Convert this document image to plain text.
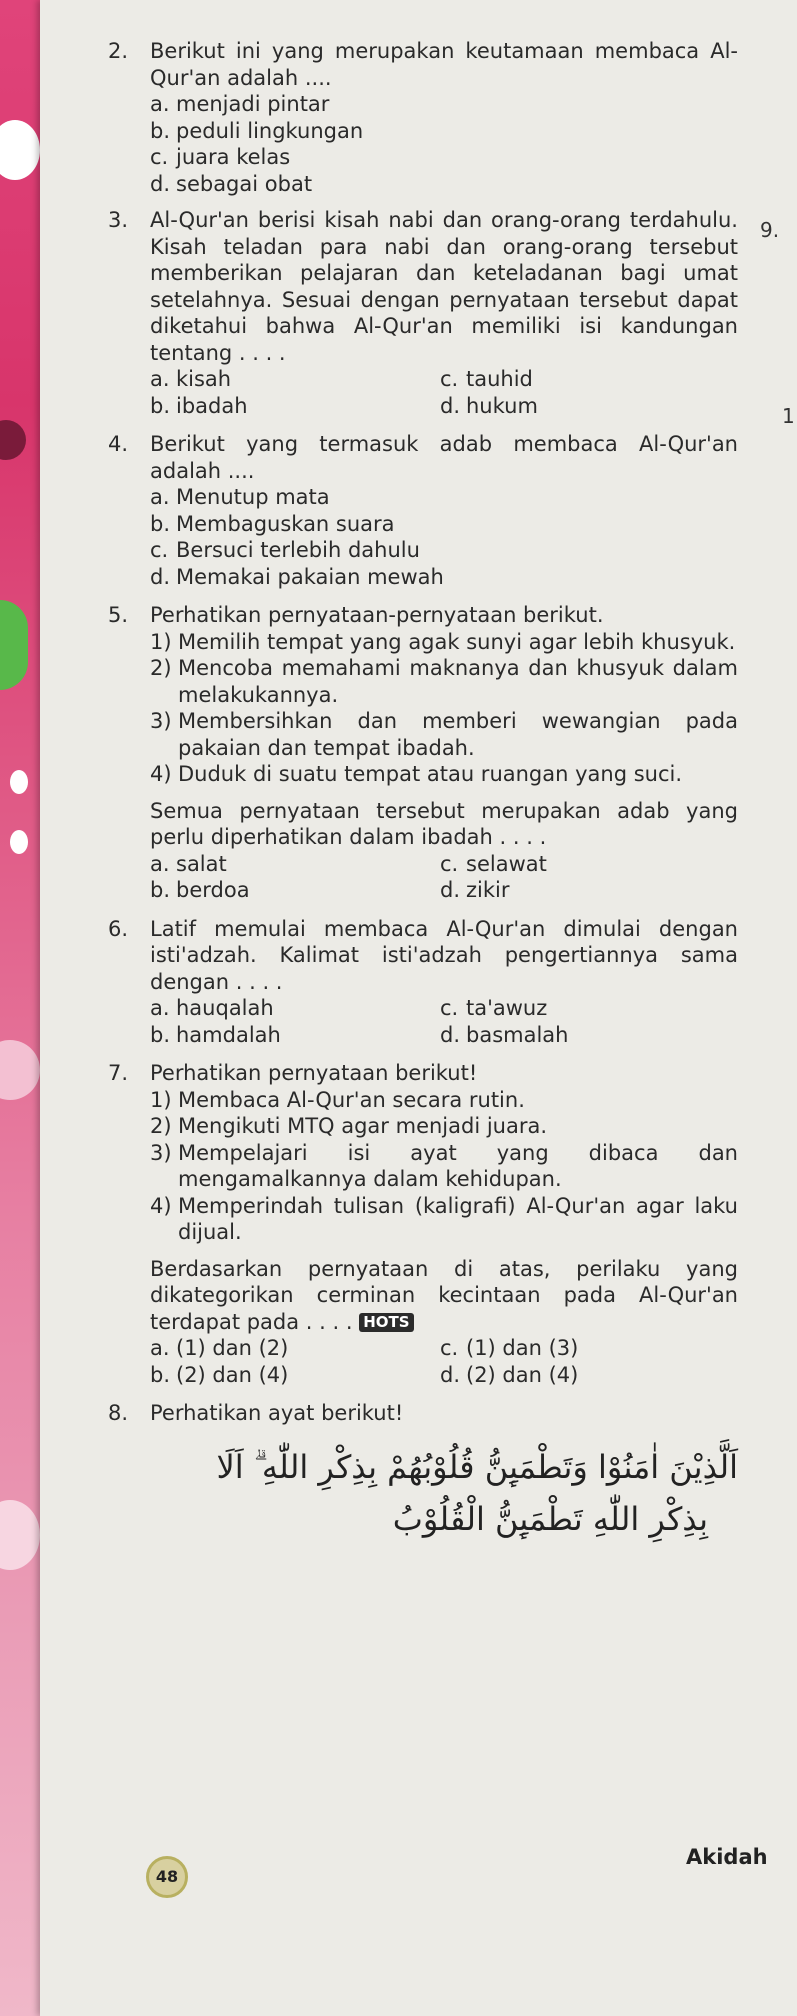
9.
1
2. Berikut ini yang merupakan keutamaan membaca Al-Qur'an adalah ....
a. menjadi pintar
b. peduli lingkungan
c. juara kelas
d. sebagai obat
3. Al-Qur'an berisi kisah nabi dan orang-orang terdahulu. Kisah teladan para nabi dan orang-orang tersebut memberikan pelajaran dan keteladanan bagi umat setelahnya. Sesuai dengan pernyataan tersebut dapat diketahui bahwa Al-Qur'an memiliki isi kandungan tentang . . . .
a. kisah	c. tauhid
b. ibadah	d. hukum
4. Berikut yang termasuk adab membaca Al-Qur'an adalah ....
a. Menutup mata
b. Membaguskan suara
c. Bersuci terlebih dahulu
d. Memakai pakaian mewah
5. Perhatikan pernyataan-pernyataan berikut.
1) Memilih tempat yang agak sunyi agar lebih khusyuk.
2) Mencoba memahami maknanya dan khusyuk dalam melakukannya.
3) Membersihkan dan memberi wewangian pada pakaian dan tempat ibadah.
4) Duduk di suatu tempat atau ruangan yang suci.
Semua pernyataan tersebut merupakan adab yang perlu diperhatikan dalam ibadah . . . .
a. salat	c. selawat
b. berdoa	d. zikir
6. Latif memulai membaca Al-Qur'an dimulai dengan isti'adzah. Kalimat isti'adzah pengertiannya sama dengan . . . .
a. hauqalah	c. ta'awuz
b. hamdalah	d. basmalah
7. Perhatikan pernyataan berikut!
1) Membaca Al-Qur'an secara rutin.
2) Mengikuti MTQ agar menjadi juara.
3) Mempelajari isi ayat yang dibaca dan mengamalkannya dalam kehidupan.
4) Memperindah tulisan (kaligrafi) Al-Qur'an agar laku dijual.
Berdasarkan pernyataan di atas, perilaku yang dikategorikan cerminan kecintaan pada Al-Qur'an terdapat pada . . . . HOTS
a. (1) dan (2)	c. (1) dan (3)
b. (2) dan (4)	d. (2) dan (4)
8. Perhatikan ayat berikut!
اَلَّذِيْنَ اٰمَنُوْا وَتَطْمَىِٕنُّ قُلُوْبُهُمْ بِذِكْرِ اللّٰهِ ۗ اَلَا
بِذِكْرِ اللّٰهِ تَطْمَىِٕنُّ الْقُلُوْبُ
48
Akidah
